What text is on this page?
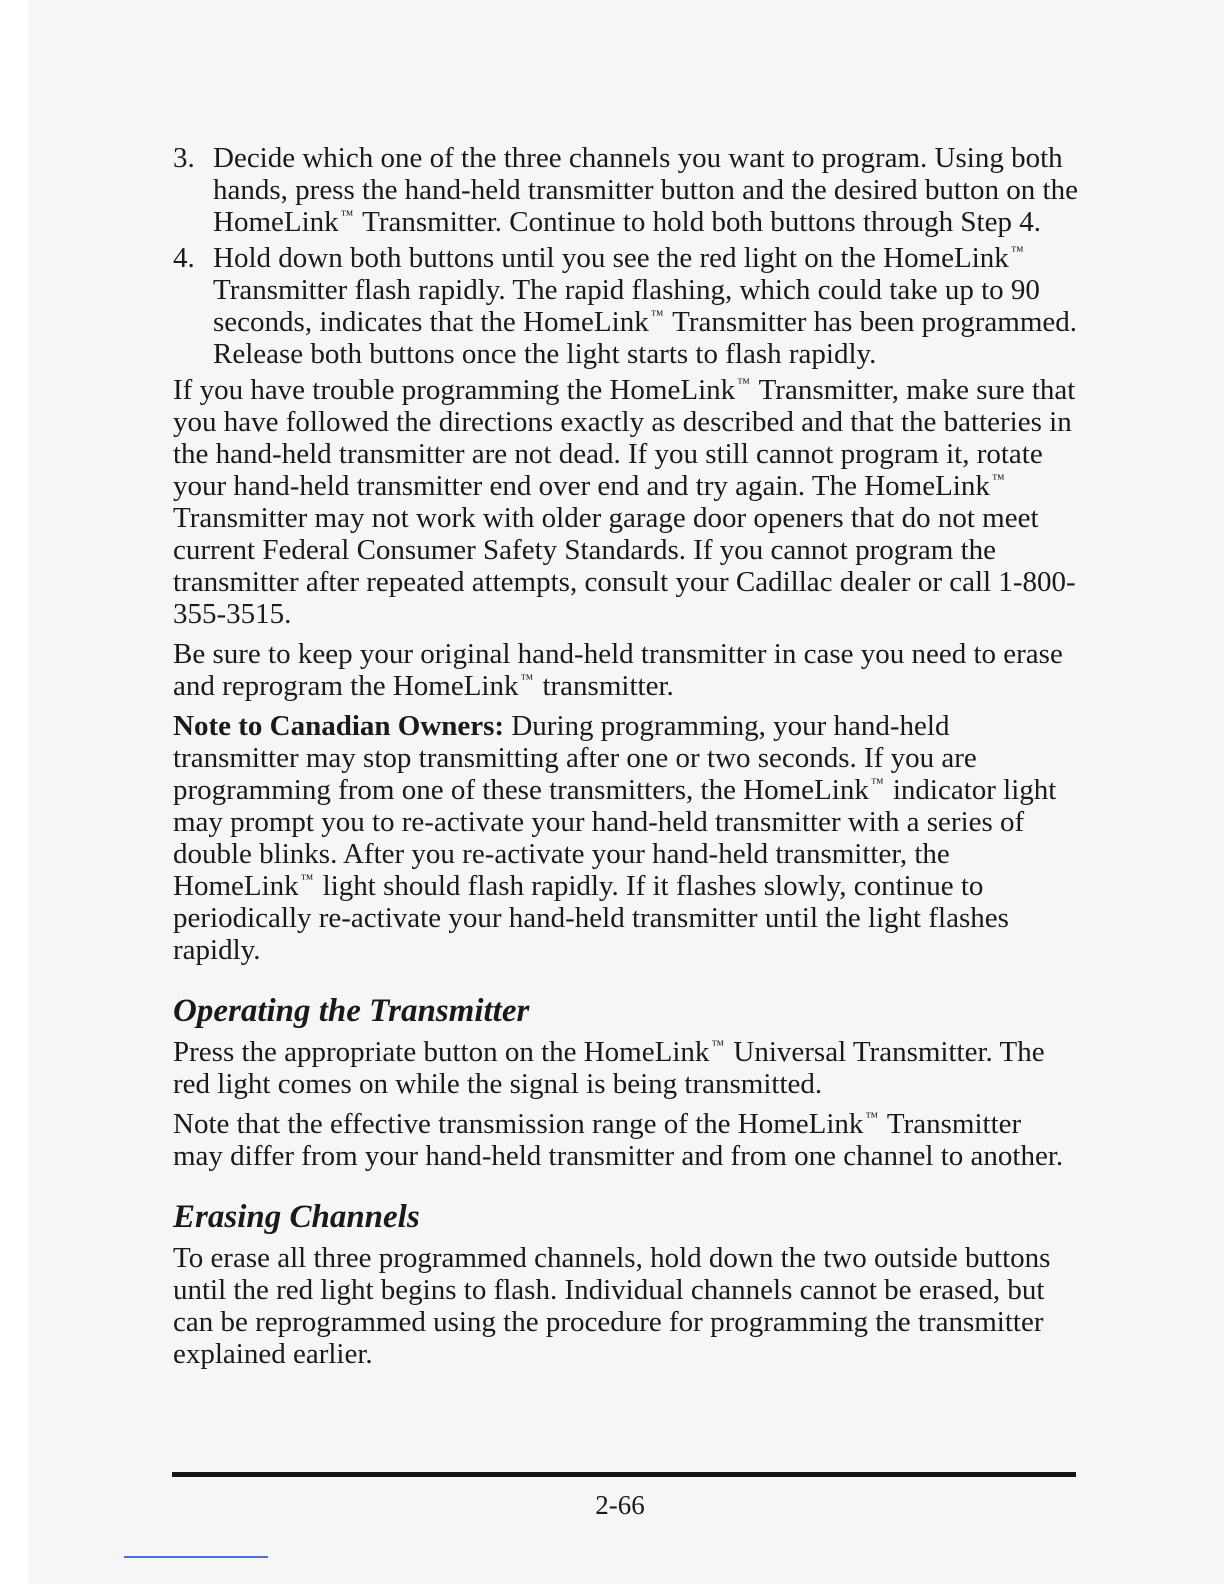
3. Decide which one of the three channels you want to program. Using both hands, press the hand-held transmitter button and the desired button on the HomeLink ™ Transmitter. Continue to hold both buttons through Step 4.
4. Hold down both buttons until you see the red light on the HomeLink ™ Transmitter flash rapidly. The rapid flashing, which could take up to 90 seconds, indicates that the HomeLink ™ Transmitter has been programmed. Release both buttons once the light starts to flash rapidly.

If you have trouble programming the HomeLink ™ Transmitter, make sure that you have followed the directions exactly as described and that the batteries in the hand-held transmitter are not dead. If you still cannot program it, rotate your hand-held transmitter end over end and try again. The HomeLink ™ Transmitter may not work with older garage door openers that do not meet current Federal Consumer Safety Standards. If you cannot program the transmitter after repeated attempts, consult your Cadillac dealer or call 1-800-355-3515.

Be sure to keep your original hand-held transmitter in case you need to erase and reprogram the HomeLink ™ transmitter.

Note to Canadian Owners: During programming, your hand-held transmitter may stop transmitting after one or two seconds. If you are programming from one of these transmitters, the HomeLink ™ indicator light may prompt you to re-activate your hand-held transmitter with a series of double blinks. After you re-activate your hand-held transmitter, the HomeLink ™ light should flash rapidly. If it flashes slowly, continue to periodically re-activate your hand-held transmitter until the light flashes rapidly.

Operating the Transmitter

Press the appropriate button on the HomeLink ™ Universal Transmitter. The red light comes on while the signal is being transmitted.

Note that the effective transmission range of the HomeLink ™ Transmitter may differ from your hand-held transmitter and from one channel to another.

Erasing Channels

To erase all three programmed channels, hold down the two outside buttons until the red light begins to flash. Individual channels cannot be erased, but can be reprogrammed using the procedure for programming the transmitter explained earlier.

2-66
